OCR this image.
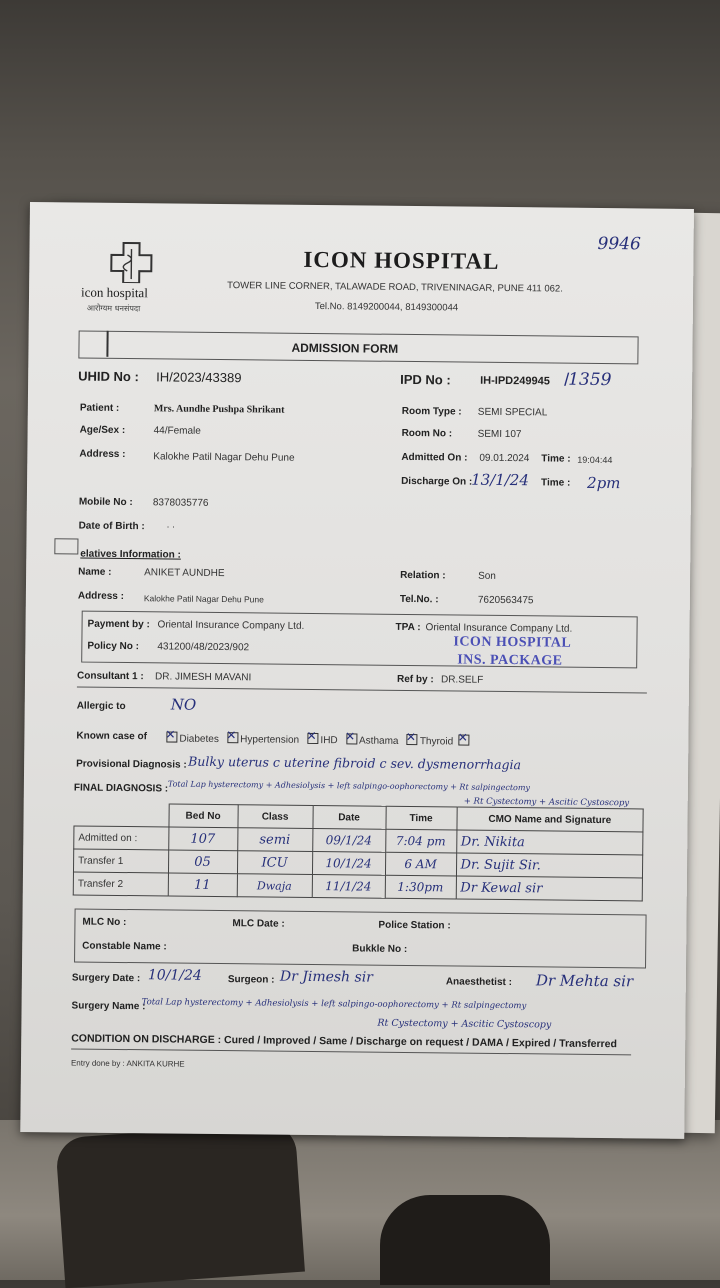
9946
icon hospital
आरोग्यम धनसंपदा
ICON HOSPITAL
TOWER LINE CORNER, TALAWADE ROAD, TRIVENINAGAR, PUNE 411 062.
Tel.No. 8149200044, 8149300044
ADMISSION FORM
UHID No : IH/2023/43389	IPD No :	IH-IPD249945 1359
/
Patient :	Mrs. Aundhe Pushpa Shrikant
Age/Sex :	44/Female
Address :	Kalokhe Patil Nagar Dehu Pune
Mobile No : 8378035776
Date of Birth : . .
Room Type : SEMI SPECIAL
Room No :	SEMI 107
Admitted On : 09.01.2024 Time : 19:04:44
Discharge On :
13/1/24 Time : 2pm
elatives Information :
Name :	ANIKET AUNDHE	Relation :	Son
Address : Kalokhe Patil Nagar Dehu Pune	Tel.No. :	7620563475
Payment by : Oriental Insurance Company Ltd.	TPA : Oriental Insurance Company Ltd.
Policy No : 431200/48/2023/902	ICON HOSPITAL
INS. PACKAGE
Consultant 1 : DR. JIMESH MAVANI	Ref by : DR.SELF
Allergic to	NO
Known case of ✕	Diabetes ✕ Hypertension ✕ IHD ✕ Asthama ✕ Thyroid  ✕
Provisional Diagnosis : Bulky uterus c uterine fibroid c sev. dysmenorrhagia
FINAL DIAGNOSIS : Total Lap hysterectomy + Adhesiolysis + left salpingo-oophorectomy + Rt salpingectomy
+ Rt Cystectomy + Ascitic Cystoscopy
	Bed No	Class	Date	Time	CMO Name and Signature
Admitted on :	107	semi	09/1/24	7:04 pm	Dr. Nikita
Transfer 1	05	ICU	10/1/24	6 AM	Dr. Sujit Sir.
Transfer 2	11	Dwaja	11/1/24	1:30pm	Dr Kewal sir
MLC No :	MLC Date :	Police Station :
Constable Name :	Bukkle No :
Surgery Date : 10/1/24	Surgeon : Dr Jimesh sir	Anaesthetist : Dr Mehta sir
Surgery Name :
Total Lap hysterectomy + Adhesiolysis + left salpingo-oophorectomy + Rt salpingectomy
Rt Cystectomy + Ascitic Cystoscopy
CONDITION ON DISCHARGE : Cured / Improved / Same / Discharge on request / DAMA / Expired / Transferred
Entry done by : ANKITA KURHE
